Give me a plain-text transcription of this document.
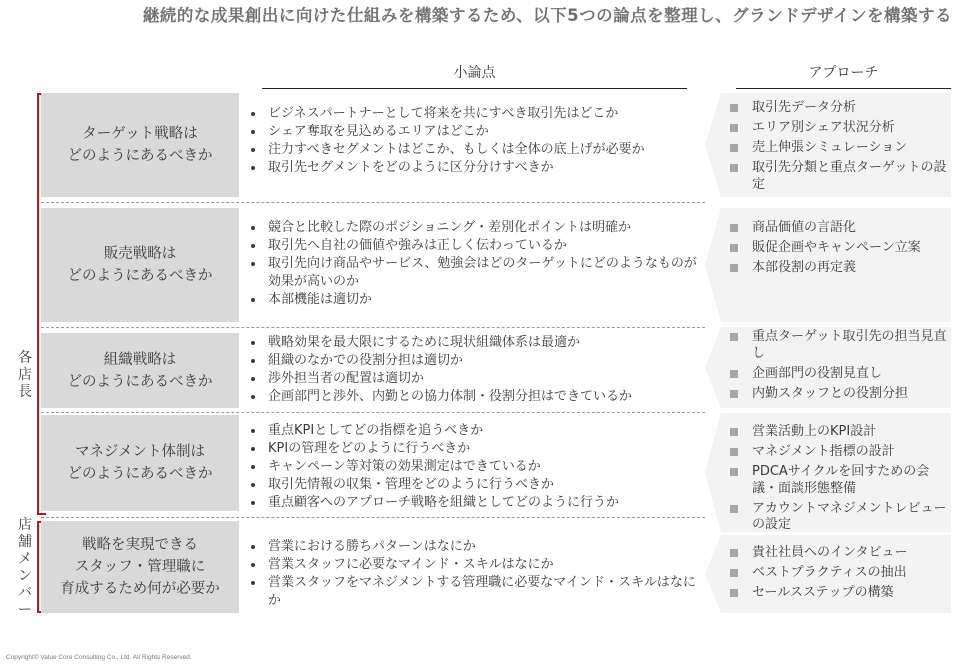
継続的な成果創出に向けた仕組みを構築するため、以下5つの論点を整理し、グランドデザインを構築する
小論点	アプローチ
各店長
店舗メンバー
ターゲット戦略は
どのようにあるべきか
ビジネスパートナーとして将来を共にすべき取引先はどこか
シェア奪取を見込めるエリアはどこか
注力すべきセグメントはどこか、もしくは全体の底上げが必要か
取引先セグメントをどのように区分分けすべきか
取引先データ分析
エリア別シェア状況分析
売上伸張シミュレーション
取引先分類と重点ターゲットの設定
販売戦略は
どのようにあるべきか
競合と比較した際のポジショニング・差別化ポイントは明確か
取引先へ自社の価値や強みは正しく伝わっているか
取引先向け商品やサービス、勉強会はどのターゲットにどのようなものが効果が高いのか
本部機能は適切か
商品価値の言語化
販促企画やキャンペーン立案
本部役割の再定義
組織戦略は
どのようにあるべきか
戦略効果を最大限にするために現状組織体系は最適か
組織のなかでの役割分担は適切か
渉外担当者の配置は適切か
企画部門と渉外、内勤との協力体制・役割分担はできているか
重点ターゲット取引先の担当見直し
企画部門の役割見直し
内勤スタッフとの役割分担
マネジメント体制は
どのようにあるべきか
重点KPIとしてどの指標を追うべきか
KPIの管理をどのように行うべきか
キャンペーン等対策の効果測定はできているか
取引先情報の収集・管理をどのように行うべきか
重点顧客へのアプローチ戦略を組織としてどのように行うか
営業活動上のKPI設計
マネジメント指標の設計
PDCAサイクルを回すための会議・面談形態整備
アカウントマネジメントレビューの設定
戦略を実現できる
スタッフ・管理職に
育成するため何が必要か
営業における勝ちパターンはなにか
営業スタッフに必要なマインド・スキルはなにか
営業スタッフをマネジメントする管理職に必要なマインド・スキルはなにか
貴社社員へのインタビュー
ベストプラクティスの抽出
セールスステップの構築
Copyright© Value Core Consulting Co., Ltd. All Rights Reserved.
